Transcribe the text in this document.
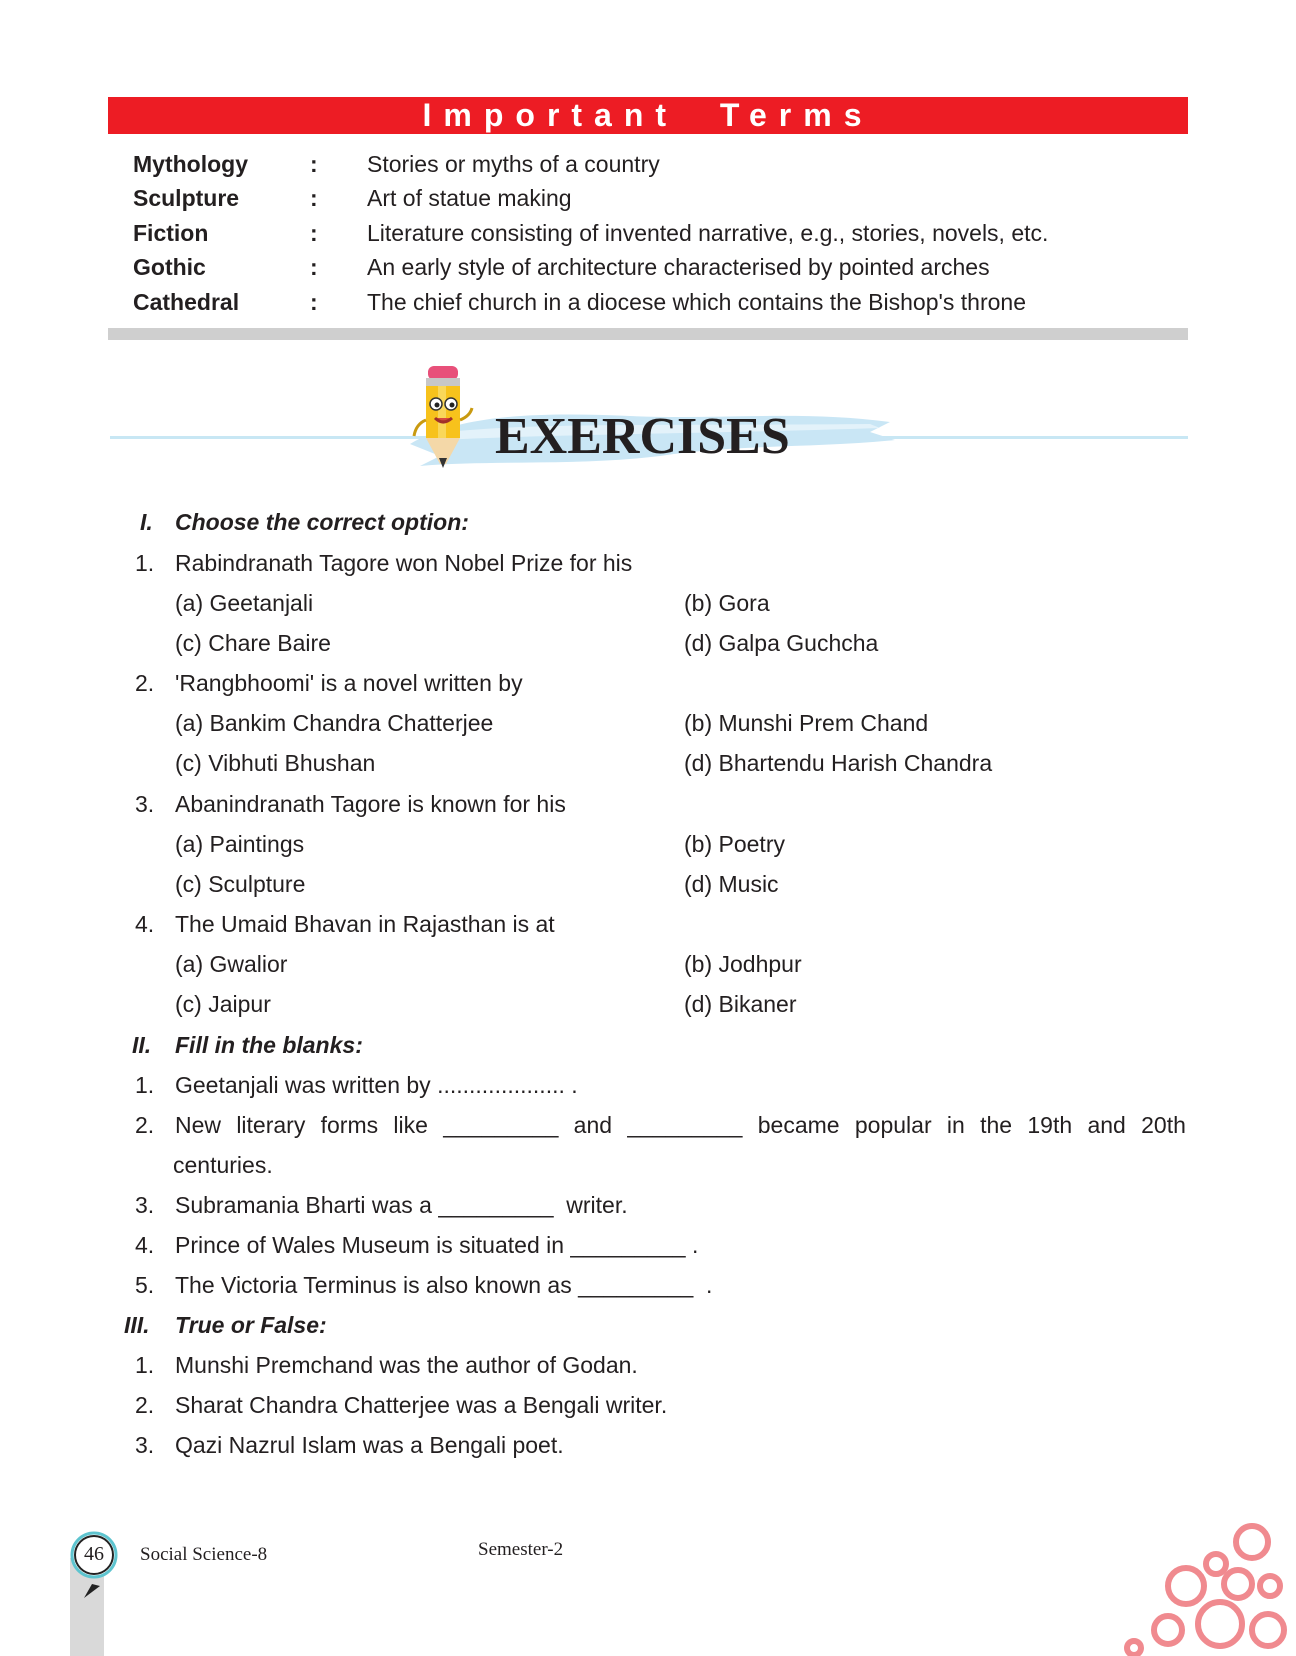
Important  Terms
Mythology	: Stories or myths of a country
Sculpture	: Art of statue making
Fiction	: Literature consisting of invented narrative, e.g., stories, novels, etc.
Gothic	: An early style of architecture characterised by pointed arches
Cathedral	: The chief church in a diocese which contains the Bishop's throne
EXERCISES
I. Choose the correct option:
1. Rabindranath Tagore won Nobel Prize for his
(a) Geetanjali	(b) Gora
(c) Chare Baire	(d) Galpa Guchcha
2. 'Rangbhoomi' is a novel written by
(a) Bankim Chandra Chatterjee	(b) Munshi Prem Chand
(c) Vibhuti Bhushan	(d) Bhartendu Harish Chandra
3. Abanindranath Tagore is known for his
(a) Paintings	(b) Poetry
(c) Sculpture	(d) Music
4. The Umaid Bhavan in Rajasthan is at
(a) Gwalior	(b) Jodhpur
(c) Jaipur	(d) Bikaner
II. Fill in the blanks:
1. Geetanjali was written by .................... .
2. New literary forms like _________ and _________ became popular in the 19th and 20th
centuries.
3. Subramania Bharti was a _________ writer.
4. Prince of Wales Museum is situated in _________ .
5. The Victoria Terminus is also known as _________ .
III. True or False:
1. Munshi Premchand was the author of Godan.
2. Sharat Chandra Chatterjee was a Bengali writer.
3. Qazi Nazrul Islam was a Bengali poet.
46 Social Science-8	Semester-2
